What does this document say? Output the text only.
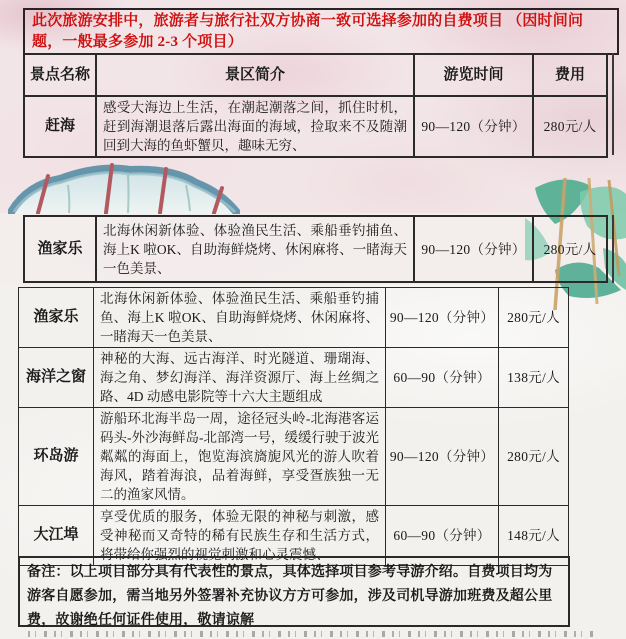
此次旅游安排中，旅游者与旅行社双方协商一致可选择参加的自费项目 （因时间问题，一般最多参加 2-3 个项目）
景点名称	景区简介	游览时间	费用
赶海	感受大海边上生活，在潮起潮落之间，抓住时机，赶到海潮退落后露出海面的海域，捡取来不及随潮回到大海的鱼虾蟹贝，趣味无穷、	90—120（分钟）	280元/人
渔家乐	北海休闲新体验、体验渔民生活、乘船垂钓捕鱼、海上K 啦OK、自助海鲜烧烤、休闲麻将、一睹海天一色美景、	90—120（分钟）	280元/人
渔家乐	北海休闲新体验、体验渔民生活、乘船垂钓捕鱼、海上K 啦OK、自助海鲜烧烤、休闲麻将、一睹海天一色美景、	90—120（分钟）	280元/人
海洋之窗	神秘的大海、远古海洋、时光隧道、珊瑚海、海之角、梦幻海洋、海洋资源厅、海上丝绸之路、4D 动感电影院等十六大主题组成	60—90（分钟）	138元/人
环岛游	游船环北海半岛一周，途径冠头岭-北海港客运码头-外沙海鲜岛-北部湾一号，缓缓行驶于波光粼粼的海面上，饱览海滨旖旎风光的游人吹着海风，踏着海浪，品着海鲜，享受疍族独一无二的渔家风情。	90—120（分钟）	280元/人
大江埠	享受优质的服务，体验无限的神秘与刺激，感受神秘而又奇特的稀有民族生存和生活方式，将带给你强烈的视觉刺激和心灵震憾、	60—90（分钟）	148元/人
备注：以上项目部分具有代表性的景点，具体选择项目参考导游介绍。自费项目均为游客自愿参加，需当地另外签署补充协议方方可参加，涉及司机导游加班费及超公里费，故谢绝任何证件使用，敬请谅解
